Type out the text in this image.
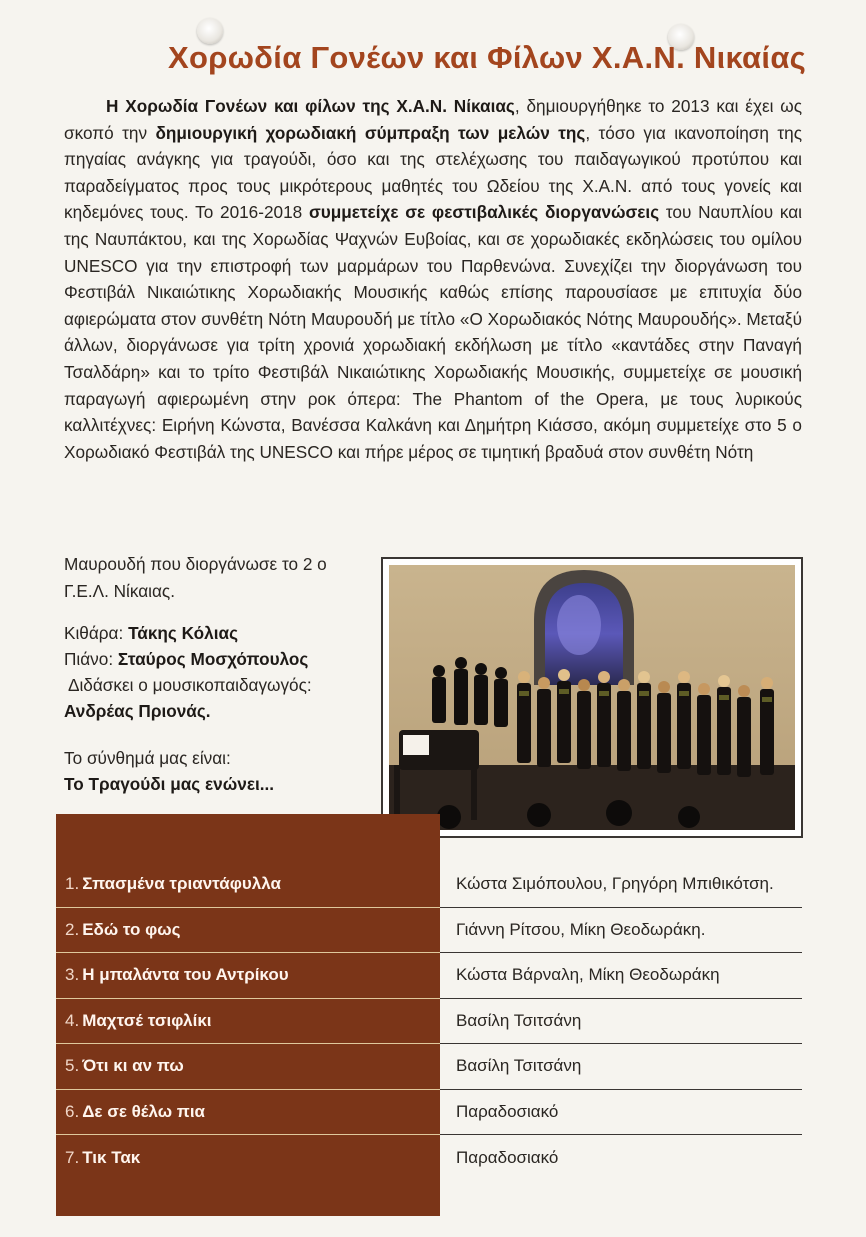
Χορωδία Γονέων και Φίλων Χ.Α.Ν. Νικαίας

Η Χορωδία Γονέων και φίλων της Χ.Α.Ν. Νίκαιας, δημιουργήθηκε το 2013 και έχει ως σκοπό την δημιουργική χορωδιακή σύμπραξη των μελών της, τόσο για ικανοποίηση της πηγαίας ανάγκης για τραγούδι, όσο και της στελέχωσης του παιδαγωγικού προτύπου και παραδείγματος προς τους μικρότερους μαθητές του Ωδείου της Χ.Α.Ν. από τους γονείς και κηδεμόνες τους. Το 2016-2018 συμμετείχε σε φεστιβαλικές διοργανώσεις του Ναυπλίου και της Ναυπάκτου, και της Χορωδίας Ψαχνών Ευβοίας, και σε χορωδιακές εκδηλώσεις του ομίλου UNESCO για την επιστροφή των μαρμάρων του Παρθενώνα. Συνεχίζει την διοργάνωση του Φεστιβάλ Νικαιώτικης Χορωδιακής Μουσικής καθώς επίσης παρουσίασε με επιτυχία δύο αφιερώματα στον συνθέτη Νότη Μαυρουδή με τίτλο «Ο Χορωδιακός Νότης Μαυρουδής». Μεταξύ άλλων, διοργάνωσε για τρίτη χρονιά χορωδιακή εκδήλωση με τίτλο «καντάδες στην Παναγή Τσαλδάρη» και το τρίτο Φεστιβάλ Νικαιώτικης Χορωδιακής Μουσικής, συμμετείχε σε μουσική παραγωγή αφιερωμένη στην ροκ όπερα: The Phantom of the Opera, με τους λυρικούς καλλιτέχνες: Ειρήνη Κώνστα, Βανέσσα Καλκάνη και Δημήτρη Κιάσσο, ακόμη συμμετείχε στο 5 ο Χορωδιακό Φεστιβάλ της UNESCO και πήρε μέρος σε τιμητική βραδυά στον συνθέτη Νότη

Μαυρουδή που διοργάνωσε το 2 ο Γ.Ε.Λ. Νίκαιας.
Κιθάρα: Τάκης Κόλιας
Πιάνο: Σταύρος Μοσχόπουλος
Διδάσκει ο μουσικοπαιδαγωγός:
Ανδρέας Πριονάς.
Το σύνθημά μας είναι:
Το Τραγούδι μας ενώνει...
1. Σπασμένα τριαντάφυλλα	Κώστα Σιμόπουλου, Γρηγόρη Μπιθικότση.
2. Εδώ το φως	Γιάννη Ρίτσου, Μίκη Θεοδωράκη.
3. Η μπαλάντα του Αντρίκου	Κώστα Βάρναλη, Μίκη Θεοδωράκη
4. Μαχτσέ τσιφλίκι	Βασίλη Τσιτσάνη
5. Ότι κι αν πω	Βασίλη Τσιτσάνη
6. Δε σε θέλω πια	Παραδοσιακό
7. Τικ Τακ	Παραδοσιακό
